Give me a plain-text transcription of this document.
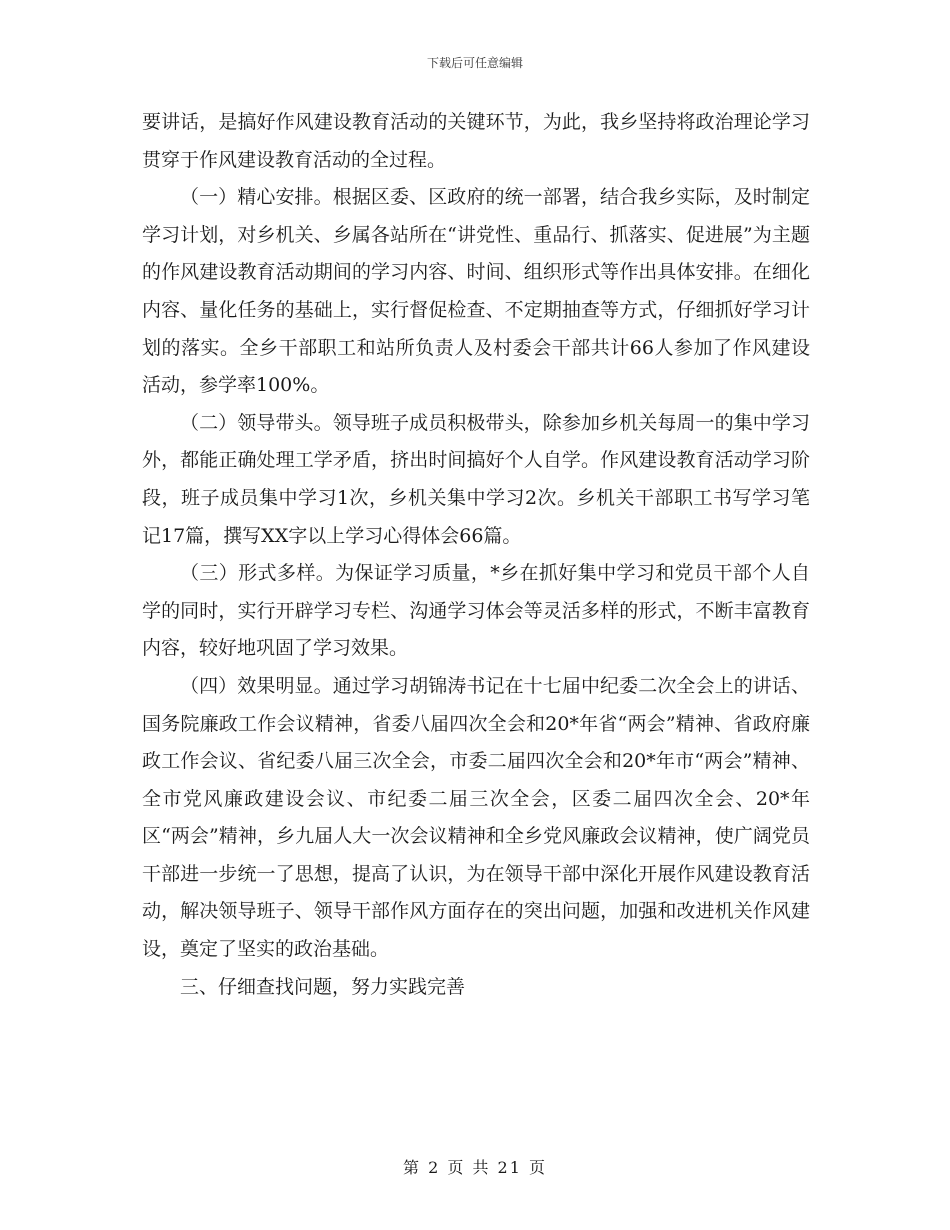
下载后可任意编辑

要讲话，是搞好作风建设教育活动的关键环节，为此，我乡坚持将政治理论学习贯穿于作风建设教育活动的全过程。

（一）精心安排。根据区委、区政府的统一部署，结合我乡实际，及时制定学习计划，对乡机关、乡属各站所在“讲党性、重品行、抓落实、促进展”为主题的作风建设教育活动期间的学习内容、时间、组织形式等作出具体安排。在细化内容、量化任务的基础上，实行督促检查、不定期抽查等方式，仔细抓好学习计划的落实。全乡干部职工和站所负责人及村委会干部共计66人参加了作风建设活动，参学率100%。

（二）领导带头。领导班子成员积极带头，除参加乡机关每周一的集中学习外，都能正确处理工学矛盾，挤出时间搞好个人自学。作风建设教育活动学习阶段，班子成员集中学习1次，乡机关集中学习2次。乡机关干部职工书写学习笔记17篇，撰写XX字以上学习心得体会66篇。

（三）形式多样。为保证学习质量，*乡在抓好集中学习和党员干部个人自学的同时，实行开辟学习专栏、沟通学习体会等灵活多样的形式，不断丰富教育内容，较好地巩固了学习效果。

（四）效果明显。通过学习胡锦涛书记在十七届中纪委二次全会上的讲话、国务院廉政工作会议精神，省委八届四次全会和20*年省“两会”精神、省政府廉政工作会议、省纪委八届三次全会，市委二届四次全会和20*年市“两会”精神、全市党风廉政建设会议、市纪委二届三次全会，区委二届四次全会、20*年区“两会”精神，乡九届人大一次会议精神和全乡党风廉政会议精神，使广阔党员干部进一步统一了思想，提高了认识，为在领导干部中深化开展作风建设教育活动，解决领导班子、领导干部作风方面存在的突出问题，加强和改进机关作风建设，奠定了坚实的政治基础。

三、仔细查找问题，努力实践完善

第 2 页 共 21 页
